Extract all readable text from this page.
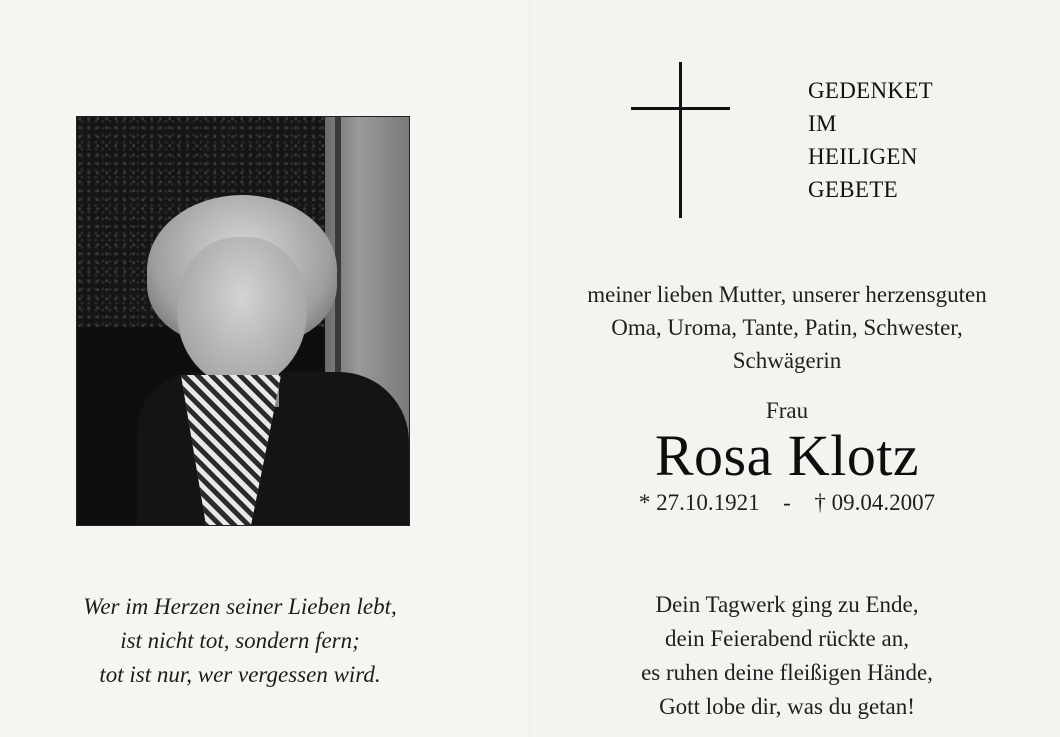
Wer im Herzen seiner Lieben lebt,
ist nicht tot, sondern fern;
tot ist nur, wer vergessen wird.
GEDENKET
IM
HEILIGEN
GEBETE
meiner lieben Mutter, unserer herzensguten
Oma, Uroma, Tante, Patin, Schwester,
Schwägerin
Frau
Rosa Klotz
* 27.10.1921 - † 09.04.2007
Dein Tagwerk ging zu Ende,
dein Feierabend rückte an,
es ruhen deine fleißigen Hände,
Gott lobe dir, was du getan!
